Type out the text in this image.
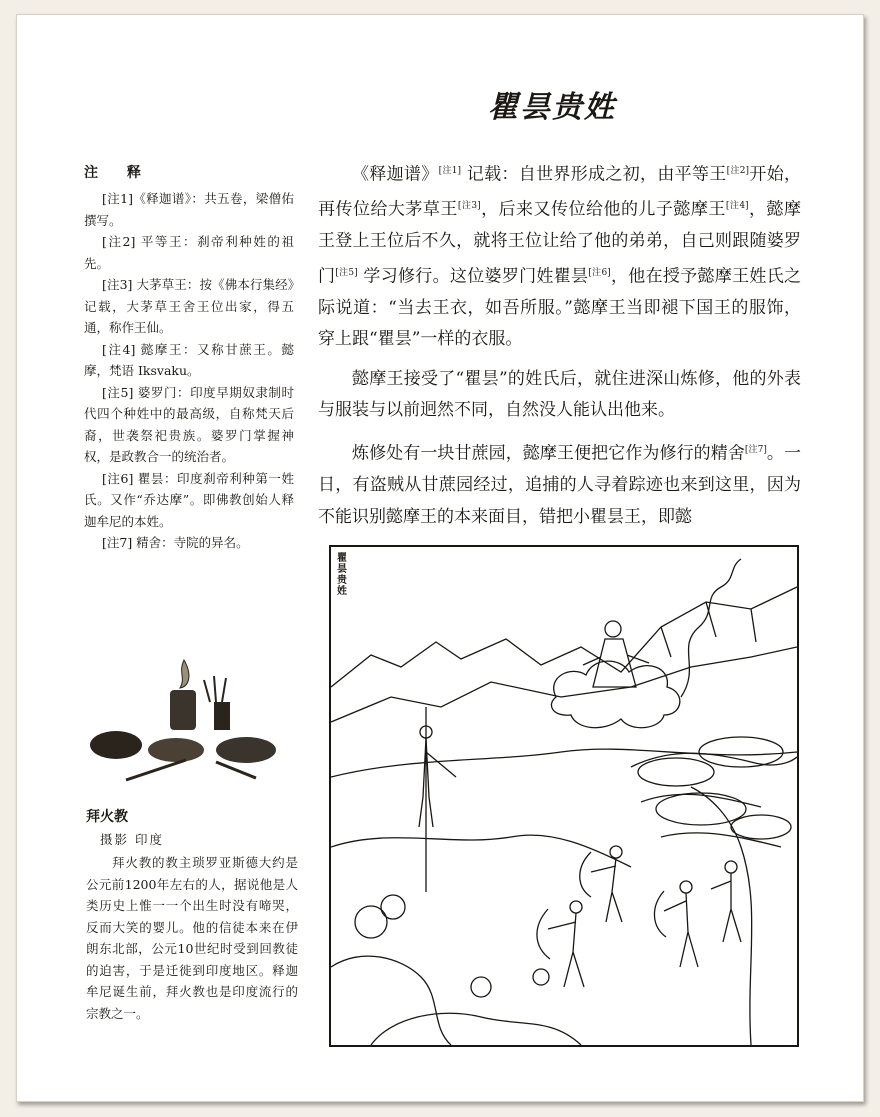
瞿昙贵姓
注 释
[注1]《释迦谱》：共五卷，梁僧佑撰写。
[注2] 平等王：刹帝利种姓的祖先。
[注3] 大茅草王：按《佛本行集经》记载，大茅草王舍王位出家，得五通，称作王仙。
[注4] 懿摩王：又称甘蔗王。懿摩，梵语 Iksvaku。
[注5] 婆罗门：印度早期奴隶制时代四个种姓中的最高级，自称梵天后裔，世袭祭祀贵族。婆罗门掌握神权，是政教合一的统治者。
[注6] 瞿昙：印度刹帝利种第一姓氏。又作“乔达摩”。即佛教创始人释迦牟尼的本姓。
[注7] 精舍：寺院的异名。

《释迦谱》[注1] 记载：自世界形成之初，由平等王[注2]开始，再传位给大茅草王[注3]，后来又传位给他的儿子懿摩王[注4]，懿摩王登上王位后不久，就将王位让给了他的弟弟，自己则跟随婆罗门[注5] 学习修行。这位婆罗门姓瞿昙[注6]，他在授予懿摩王姓氏之际说道：“当去王衣，如吾所服。”懿摩王当即褪下国王的服饰，穿上跟“瞿昙”一样的衣服。

懿摩王接受了“瞿昙”的姓氏后，就住进深山炼修，他的外表与服装与以前迥然不同，自然没人能认出他来。

炼修处有一块甘蔗园，懿摩王便把它作为修行的精舍[注7]。一日，有盗贼从甘蔗园经过，追捕的人寻着踪迹也来到这里，因为不能识别懿摩王的本来面目，错把小瞿昙王，即懿

瞿昙贵姓
拜火教
摄影 印度
拜火教的教主琐罗亚斯德大约是公元前1200年左右的人，据说他是人类历史上惟一一个出生时没有啼哭，反而大笑的婴儿。他的信徒本来在伊朗东北部，公元10世纪时受到回教徒的迫害，于是迁徙到印度地区。释迦牟尼诞生前，拜火教也是印度流行的宗教之一。
